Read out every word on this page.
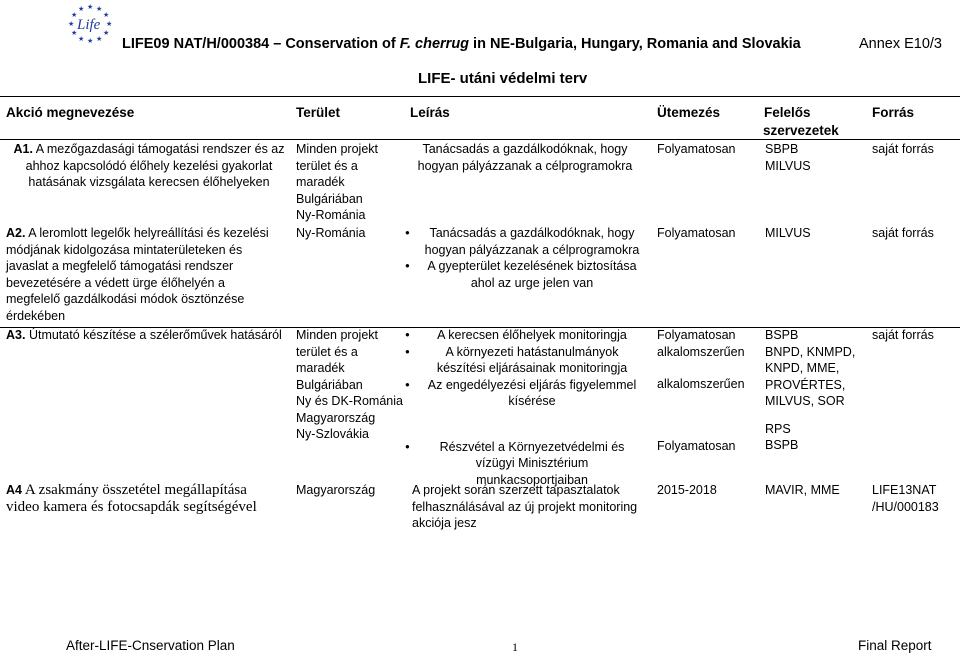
★ ★
★
★
★
★
★
★
★
★
★
★
Life
LIFE09 NAT/H/000384 – Conservation of F. cherrug in NE-Bulgaria, Hungary, Romania and Slovakia	Annex E10/3
LIFE- utáni védelmi terv
Akció megnevezése	Terület	Leírás	Ütemezés	Felelős
szervezetek
Forrás
A1. A mezőgazdasági támogatási rendszer és az
ahhoz kapcsolódó élőhely kezelési gyakorlat
hatásának vizsgálata kerecsen élőhelyeken
Minden projekt
terület és a
maradék
Bulgáriában
Ny-Románia
Tanácsadás a gazdálkodóknak, hogy
hogyan pályázzanak a célprogramokra
Folyamatosan SBPB
MILVUS
saját forrás
A2. A leromlott legelők helyreállítási és kezelési
módjának kidolgozása mintaterületeken és
javaslat a megfelelő támogatási rendszer
bevezetésére a védett ürge élőhelyén a
megfelelő gazdálkodási módok ösztönzése
érdekében
Ny-Románia
●	Tanácsadás a gazdálkodóknak, hogy
hogyan pályázzanak a célprogramokra
● A gyepterület kezelésének biztosítása
ahol az urge jelen van
Folyamatosan MILVUS	saját forrás
A3. Útmutató készítése a szélerőművek hatásáról	Minden projekt
terület és a
maradék
Bulgáriában
Ny és DK-Románia
Magyarország
Ny-Szlovákia
● A kerecsen élőhelyek monitoringja
● A környezeti hatástanulmányok
készítési eljárásainak monitoringja
● Az engedélyezési eljárás figyelemmel
kísérése
● Részvétel a Környezetvédelmi és
vízügyi Minisztérium munkacsoportjaiban
Folyamatosan
alkalomszerűen
alkalomszerűen
Folyamatosan
BSPB
BNPD, KNMPD,
KNPD, MME,
PROVÉRTES,
MILVUS, SOR
RPS
BSPB
saját forrás
A4 A zsakmány összetétel megállapítása
video kamera és fotocsapdák segítségével
Magyarország	A projekt során szerzett tapasztalatok
felhasználásával az új projekt monitoring
akciója jesz
2015-2018	MAVIR, MME	LIFE13NAT
/HU/000183
After-LIFE-Cnservation Plan	1	Final Report
